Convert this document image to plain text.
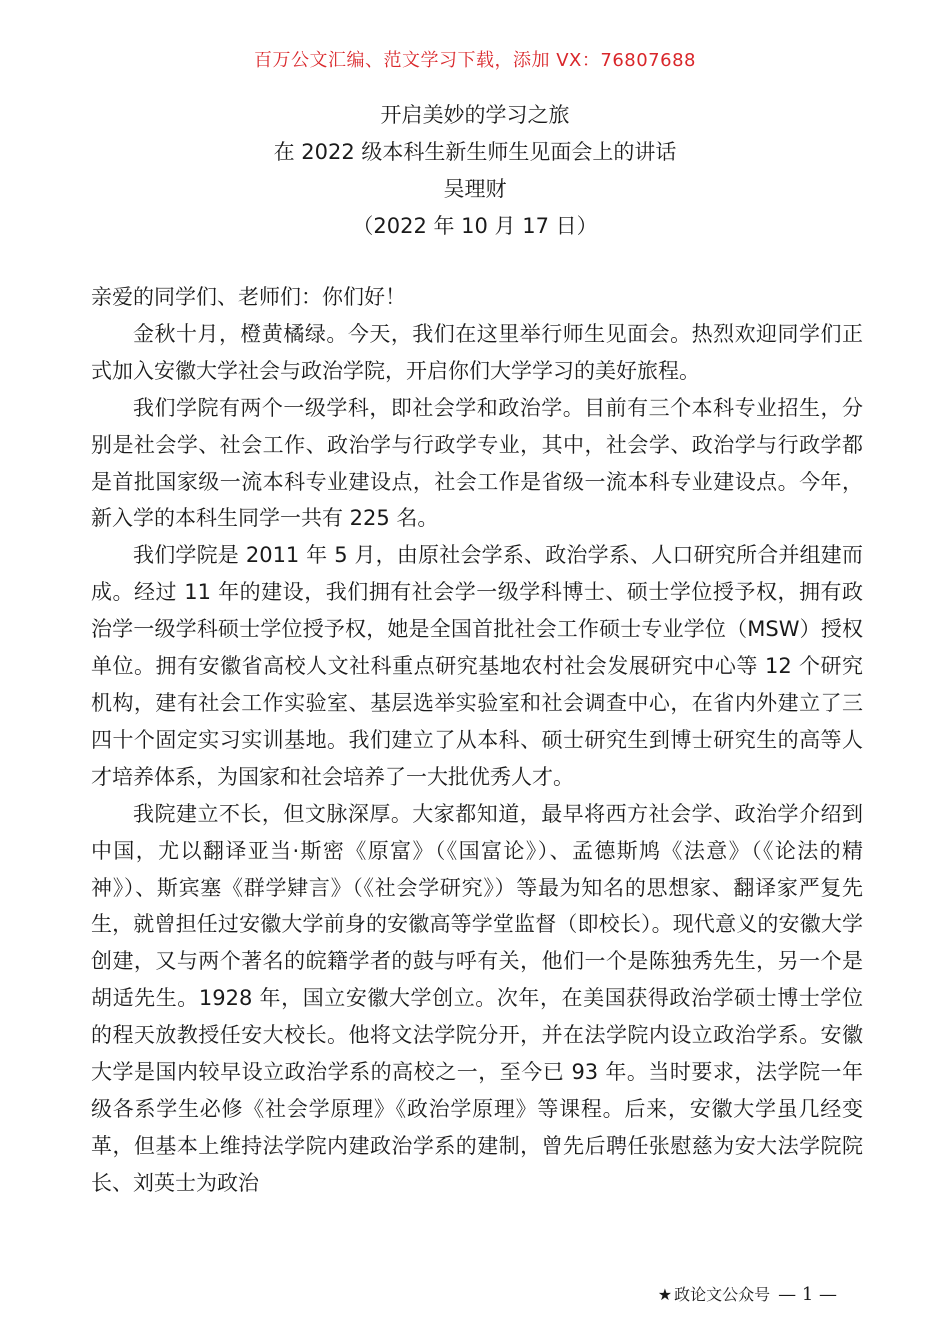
百万公文汇编、范文学习下载，添加 VX：76807688
开启美妙的学习之旅
在 2022 级本科生新生师生见面会上的讲话
吴理财
（2022 年 10 月 17 日）

亲爱的同学们、老师们：你们好！

金秋十月，橙黄橘绿。今天，我们在这里举行师生见面会。热烈欢迎同学们正式加入安徽大学社会与政治学院，开启你们大学学习的美好旅程。

我们学院有两个一级学科，即社会学和政治学。目前有三个本科专业招生，分别是社会学、社会工作、政治学与行政学专业，其中，社会学、政治学与行政学都是首批国家级一流本科专业建设点，社会工作是省级一流本科专业建设点。今年，新入学的本科生同学一共有 225 名。

我们学院是 2011 年 5 月，由原社会学系、政治学系、人口研究所合并组建而成。经过 11 年的建设，我们拥有社会学一级学科博士、硕士学位授予权，拥有政治学一级学科硕士学位授予权，她是全国首批社会工作硕士专业学位（MSW）授权单位。拥有安徽省高校人文社科重点研究基地农村社会发展研究中心等 12 个研究机构，建有社会工作实验室、基层选举实验室和社会调查中心，在省内外建立了三四十个固定实习实训基地。我们建立了从本科、硕士研究生到博士研究生的高等人才培养体系，为国家和社会培养了一大批优秀人才。

我院建立不长，但文脉深厚。大家都知道，最早将西方社会学、政治学介绍到中国，尤以翻译亚当·斯密《原富》（《国富论》）、孟德斯鸠《法意》（《论法的精神》）、斯宾塞《群学肄言》（《社会学研究》）等最为知名的思想家、翻译家严复先生，就曾担任过安徽大学前身的安徽高等学堂监督（即校长）。现代意义的安徽大学创建，又与两个著名的皖籍学者的鼓与呼有关，他们一个是陈独秀先生，另一个是胡适先生。1928 年，国立安徽大学创立。次年，在美国获得政治学硕士博士学位的程天放教授任安大校长。他将文法学院分开，并在法学院内设立政治学系。安徽大学是国内较早设立政治学系的高校之一，至今已 93 年。当时要求，法学院一年级各系学生必修《社会学原理》《政治学原理》等课程。后来，安徽大学虽几经变革，但基本上维持法学院内建政治学系的建制，曾先后聘任张慰慈为安大法学院院长、刘英士为政治

★ 政论文公众号 — 1 —
